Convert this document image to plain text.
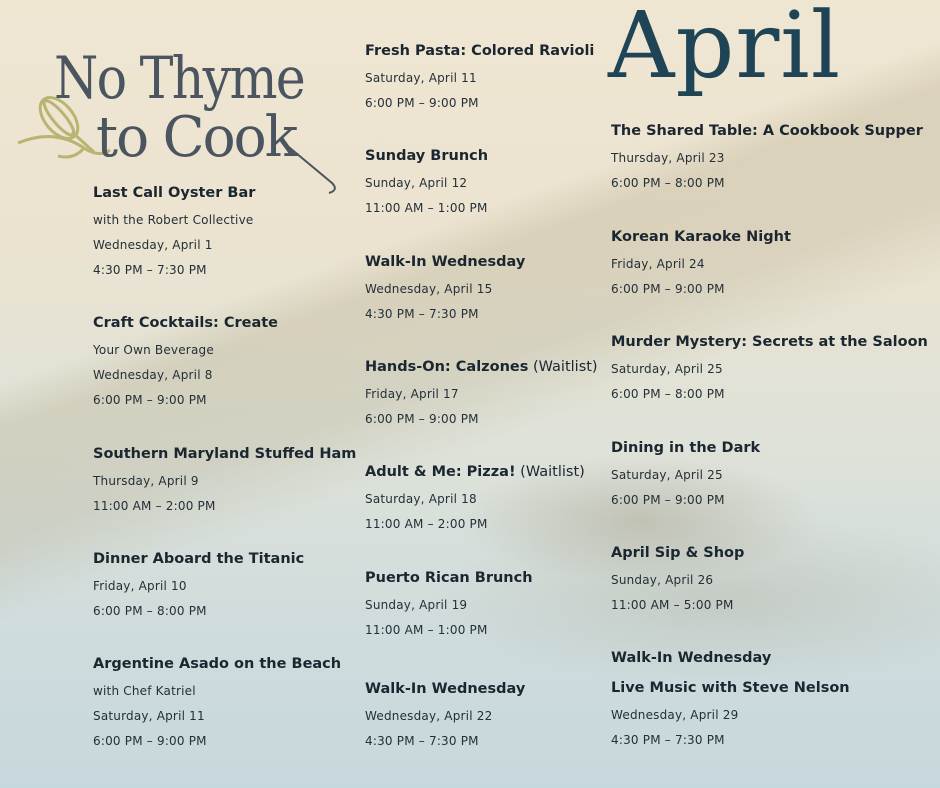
No Thyme
to Cook
April
Last Call Oyster Bar
with the Robert Collective
Wednesday, April 1
4:30 PM – 7:30 PM
Craft Cocktails: Create
Your Own Beverage
Wednesday, April 8
6:00 PM – 9:00 PM
Southern Maryland Stuffed Ham
Thursday, April 9
11:00 AM – 2:00 PM
Dinner Aboard the Titanic
Friday, April 10
6:00 PM – 8:00 PM
Argentine Asado on the Beach
with Chef Katriel
Saturday, April 11
6:00 PM – 9:00 PM
Fresh Pasta: Colored Ravioli
Saturday, April 11
6:00 PM – 9:00 PM
Sunday Brunch
Sunday, April 12
11:00 AM – 1:00 PM
Walk-In Wednesday
Wednesday, April 15
4:30 PM – 7:30 PM
Hands-On: Calzones (Waitlist)
Friday, April 17
6:00 PM – 9:00 PM
Adult & Me: Pizza! (Waitlist)
Saturday, April 18
11:00 AM – 2:00 PM
Puerto Rican Brunch
Sunday, April 19
11:00 AM – 1:00 PM
Walk-In Wednesday
Wednesday, April 22
4:30 PM – 7:30 PM
The Shared Table: A Cookbook Supper
Thursday, April 23
6:00 PM – 8:00 PM
Korean Karaoke Night
Friday, April 24
6:00 PM – 9:00 PM
Murder Mystery: Secrets at the Saloon
Saturday, April 25
6:00 PM – 8:00 PM
Dining in the Dark
Saturday, April 25
6:00 PM – 9:00 PM
April Sip & Shop
Sunday, April 26
11:00 AM – 5:00 PM
Walk-In Wednesday
Live Music with Steve Nelson
Wednesday, April 29
4:30 PM – 7:30 PM
